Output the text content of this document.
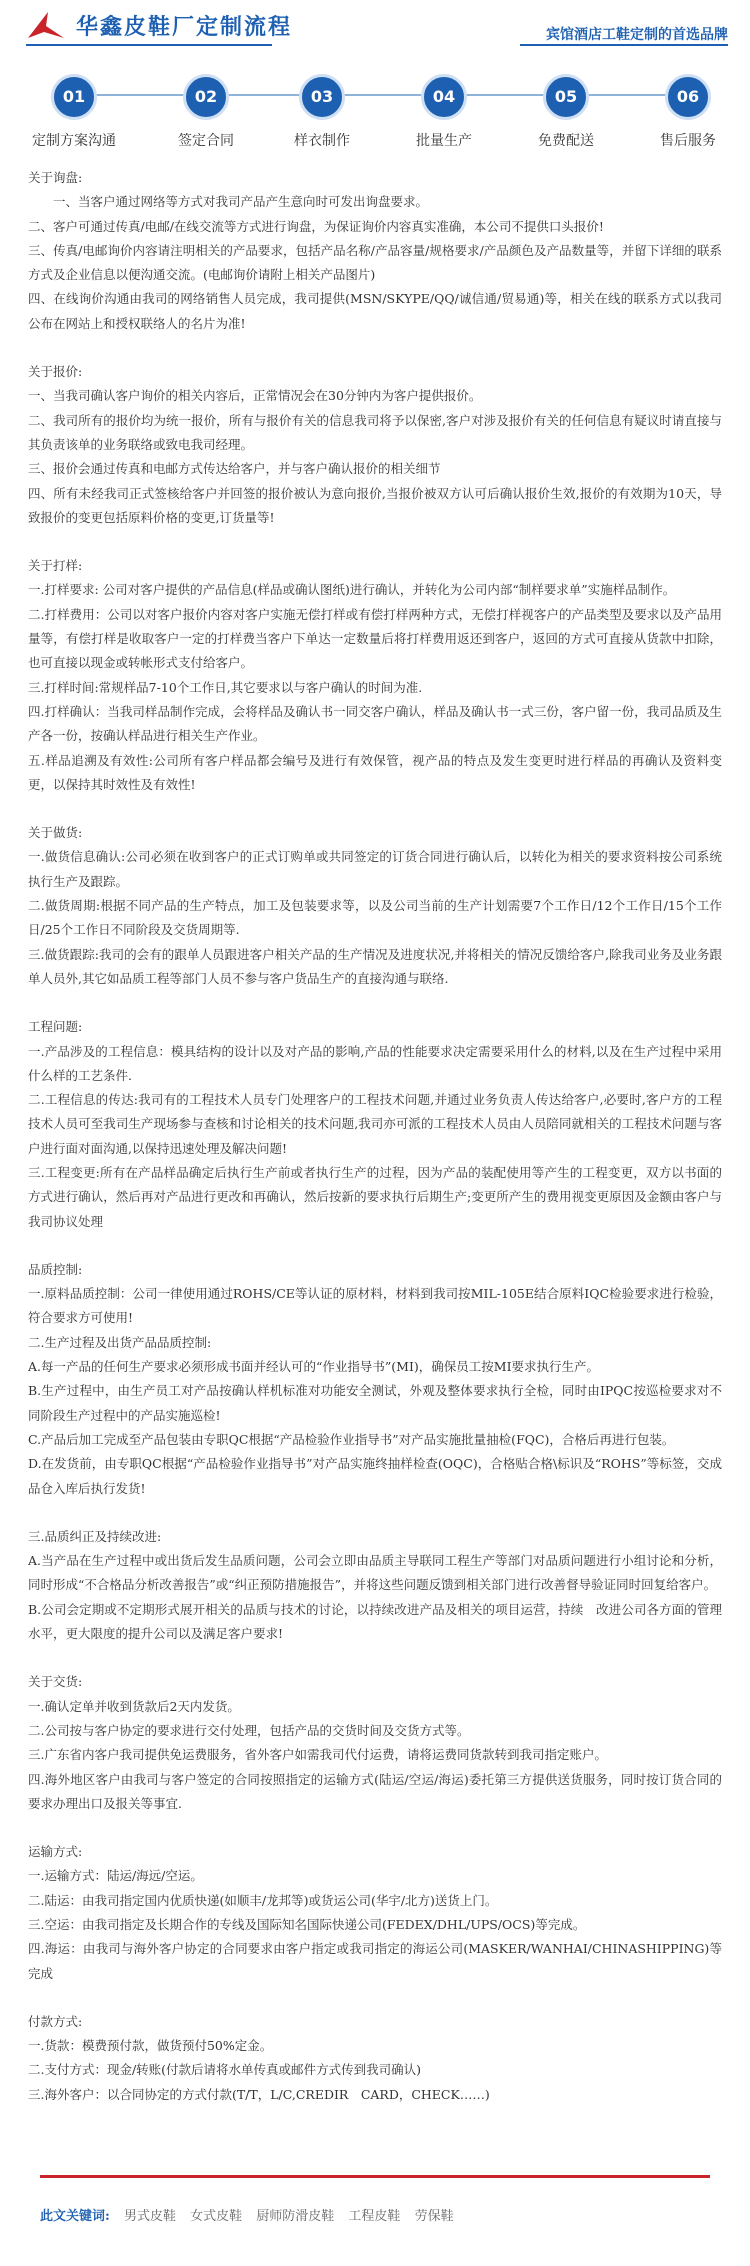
华鑫皮鞋厂定制流程	宾馆酒店工鞋定制的首选品牌
01
定制方案沟通
02
签定合同
03
样衣制作
04
批量生产
05
免费配送
06
售后服务

关于询盘:

一、当客户通过网络等方式对我司产品产生意向时可发出询盘要求。

二、客户可通过传真/电邮/在线交流等方式进行询盘，为保证询价内容真实准确，本公司不提供口头报价!

三、传真/电邮询价内容请注明相关的产品要求，包括产品名称/产品容量/规格要求/产品颜色及产品数量等，并留下详细的联系方式及企业信息以便沟通交流。(电邮询价请附上相关产品图片)

四、在线询价沟通由我司的网络销售人员完成，我司提供(MSN/SKYPE/QQ/诚信通/贸易通)等，相关在线的联系方式以我司公布在网站上和授权联络人的名片为准!

关于报价:

一、当我司确认客户询价的相关内容后，正常情况会在30分钟内为客户提供报价。

二、我司所有的报价均为统一报价，所有与报价有关的信息我司将予以保密,客户对涉及报价有关的任何信息有疑议时请直接与其负责该单的业务联络或致电我司经理。

三、报价会通过传真和电邮方式传达给客户，并与客户确认报价的相关细节

四、所有未经我司正式签核给客户并回签的报价被认为意向报价,当报价被双方认可后确认报价生效,报价的有效期为10天，导致报价的变更包括原料价格的变更,订货量等!

关于打样:

一.打样要求: 公司对客户提供的产品信息(样品或确认图纸)进行确认，并转化为公司内部“制样要求单”实施样品制作。

二.打样费用：公司以对客户报价内容对客户实施无偿打样或有偿打样两种方式，无偿打样视客户的产品类型及要求以及产品用量等，有偿打样是收取客户一定的打样费当客户下单达一定数量后将打样费用返还到客户，返回的方式可直接从货款中扣除，也可直接以现金或转帐形式支付给客户。

三.打样时间:常规样品7-10个工作日,其它要求以与客户确认的时间为准.

四.打样确认：当我司样品制作完成，会将样品及确认书一同交客户确认，样品及确认书一式三份，客户留一份，我司品质及生产各一份，按确认样品进行相关生产作业。

五.样品追溯及有效性:公司所有客户样品都会编号及进行有效保管，视产品的特点及发生变更时进行样品的再确认及资料变更，以保持其时效性及有效性!

关于做货:

一.做货信息确认:公司必须在收到客户的正式订购单或共同签定的订货合同进行确认后，以转化为相关的要求资料按公司系统执行生产及跟踪。

二.做货周期:根据不同产品的生产特点，加工及包装要求等，以及公司当前的生产计划需要7个工作日/12个工作日/15个工作日/25个工作日不同阶段及交货周期等.

三.做货跟踪:我司的会有的跟单人员跟进客户相关产品的生产情况及进度状况,并将相关的情况反馈给客户,除我司业务及业务跟单人员外,其它如品质工程等部门人员不参与客户货品生产的直接沟通与联络.

工程问题:

一.产品涉及的工程信息：模具结构的设计以及对产品的影响,产品的性能要求决定需要采用什么的材料,以及在生产过程中采用什么样的工艺条件.

二.工程信息的传达:我司有的工程技术人员专门处理客户的工程技术问题,并通过业务负责人传达给客户,必要时,客户方的工程技术人员可至我司生产现场参与查核和讨论相关的技术问题,我司亦可派的工程技术人员由人员陪同就相关的工程技术问题与客户进行面对面沟通,以保持迅速处理及解决问题!

三.工程变更:所有在产品样品确定后执行生产前或者执行生产的过程，因为产品的装配使用等产生的工程变更，双方以书面的方式进行确认，然后再对产品进行更改和再确认，然后按新的要求执行后期生产;变更所产生的费用视变更原因及金额由客户与我司协议处理

品质控制:

一.原料品质控制：公司一律使用通过ROHS/CE等认证的原材料，材料到我司按MIL-105E结合原料IQC检验要求进行检验，符合要求方可使用!

二.生产过程及出货产品品质控制:

A.每一产品的任何生产要求必须形成书面并经认可的“作业指导书”(MI)，确保员工按MI要求执行生产。

B.生产过程中，由生产员工对产品按确认样机标准对功能安全测试，外观及整体要求执行全检，同时由IPQC按巡检要求对不同阶段生产过程中的产品实施巡检!

C.产品后加工完成至产品包装由专职QC根据“产品检验作业指导书”对产品实施批量抽检(FQC)，合格后再进行包装。

D.在发货前，由专职QC根据“产品检验作业指导书”对产品实施终抽样检查(OQC)，合格贴合格\标识及“ROHS”等标签，交成品仓入库后执行发货!

三.品质纠正及持续改进:

A.当产品在生产过程中或出货后发生品质问题，公司会立即由品质主导联同工程生产等部门对品质问题进行小组讨论和分析，同时形成“不合格品分析改善报告”或“纠正预防措施报告”，并将这些问题反馈到相关部门进行改善督导验证同时回复给客户。

B.公司会定期或不定期形式展开相关的品质与技术的讨论，以持续改进产品及相关的项目运营，持续　改进公司各方面的管理水平，更大限度的提升公司以及满足客户要求!

关于交货:

一.确认定单并收到货款后2天内发货。

二.公司按与客户协定的要求进行交付处理，包括产品的交货时间及交货方式等。

三.广东省内客户我司提供免运费服务，省外客户如需我司代付运费，请将运费同货款转到我司指定账户。

四.海外地区客户由我司与客户签定的合同按照指定的运输方式(陆运/空运/海运)委托第三方提供送货服务，同时按订货合同的要求办理出口及报关等事宜.

运输方式:

一.运输方式：陆运/海远/空运。

二.陆运：由我司指定国内优质快递(如顺丰/龙邦等)或货运公司(华宇/北方)送货上门。

三.空运：由我司指定及长期合作的专线及国际知名国际快递公司(FEDEX/DHL/UPS/OCS)等完成。

四.海运：由我司与海外客户协定的合同要求由客户指定或我司指定的海运公司(MASKER/WANHAI/CHINASHIPPING)等完成

付款方式:

一.货款：模费预付款，做货预付50%定金。

二.支付方式：现金/转账(付款后请将水单传真或邮件方式传到我司确认)

三.海外客户：以合同协定的方式付款(T/T，L/C,CREDIR　CARD，CHECK……)

此文关键词: 男式皮鞋 女式皮鞋 厨师防滑皮鞋 工程皮鞋 劳保鞋
